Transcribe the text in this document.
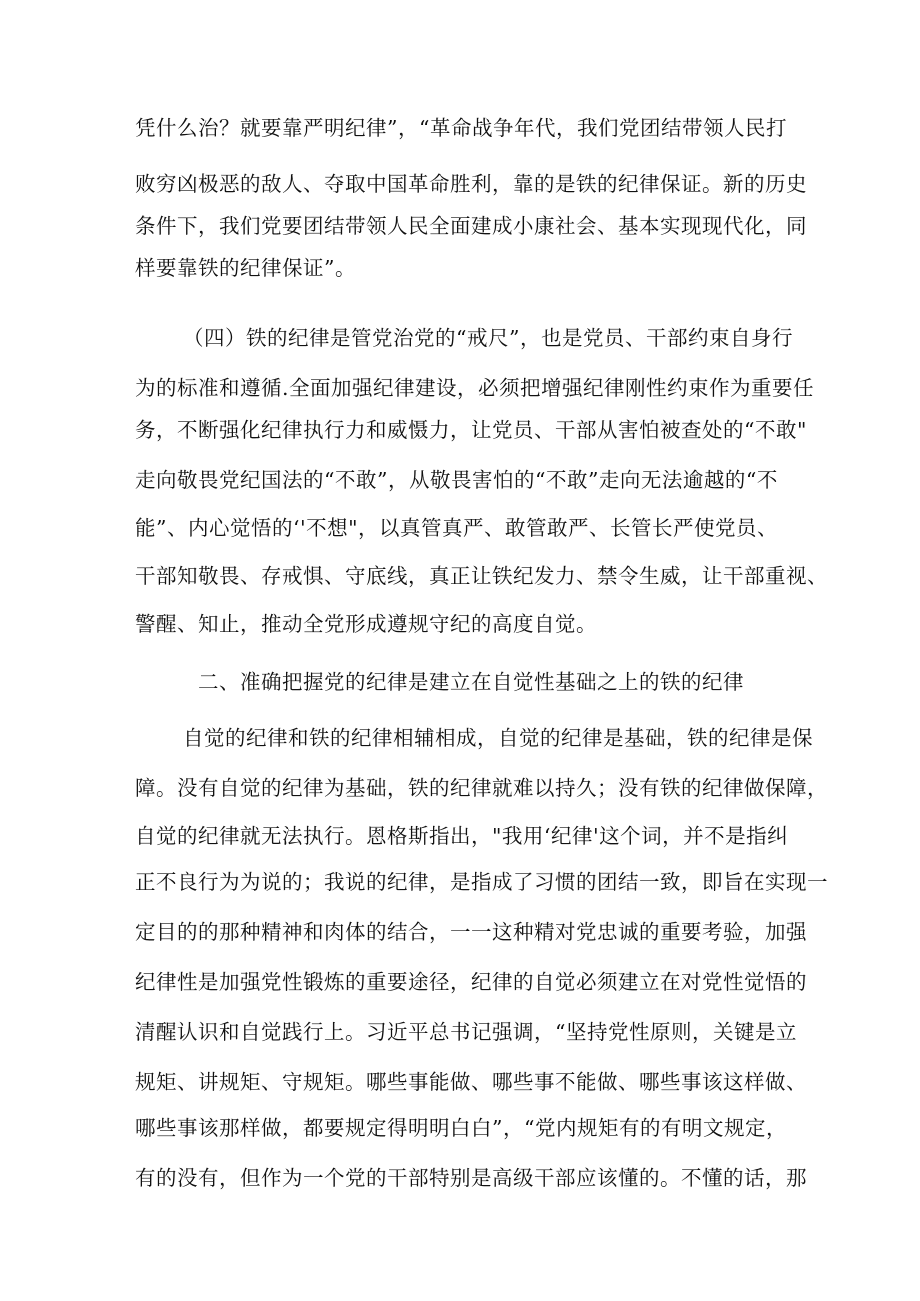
凭什么治？就要靠严明纪律”，“革命战争年代，我们党团结带领人民打
败穷凶极恶的敌人、夺取中国革命胜利，靠的是铁的纪律保证。新的历史
条件下，我们党要团结带领人民全面建成小康社会、基本实现现代化，同
样要靠铁的纪律保证”。
（四）铁的纪律是管党治党的“戒尺”，也是党员、干部约束自身行
为的标准和遵循.全面加强纪律建设，必须把增强纪律刚性约束作为重要任
务，不断强化纪律执行力和威慑力，让党员、干部从害怕被查处的“不敢"
走向敬畏党纪国法的“不敢”，从敬畏害怕的“不敢”走向无法逾越的“不
能”、内心觉悟的‘'不想"，以真管真严、敢管敢严、长管长严使党员、
干部知敬畏、存戒惧、守底线，真正让铁纪发力、禁令生威，让干部重视、
警醒、知止，推动全党形成遵规守纪的高度自觉。
二、准确把握党的纪律是建立在自觉性基础之上的铁的纪律
自觉的纪律和铁的纪律相辅相成，自觉的纪律是基础，铁的纪律是保
障。没有自觉的纪律为基础，铁的纪律就难以持久；没有铁的纪律做保障，
自觉的纪律就无法执行。恩格斯指出，"我用‘纪律'这个词，并不是指纠
正不良行为为说的；我说的纪律，是指成了习惯的团结一致，即旨在实现一
定目的的那种精神和肉体的结合，一一这种精对党忠诚的重要考验，加强
纪律性是加强党性锻炼的重要途径，纪律的自觉必须建立在对党性觉悟的
清醒认识和自觉践行上。习近平总书记强调，“坚持党性原则，关键是立
规矩、讲规矩、守规矩。哪些事能做、哪些事不能做、哪些事该这样做、
哪些事该那样做，都要规定得明明白白”，“党内规矩有的有明文规定，
有的没有，但作为一个党的干部特别是高级干部应该懂的。不懂的话，那
